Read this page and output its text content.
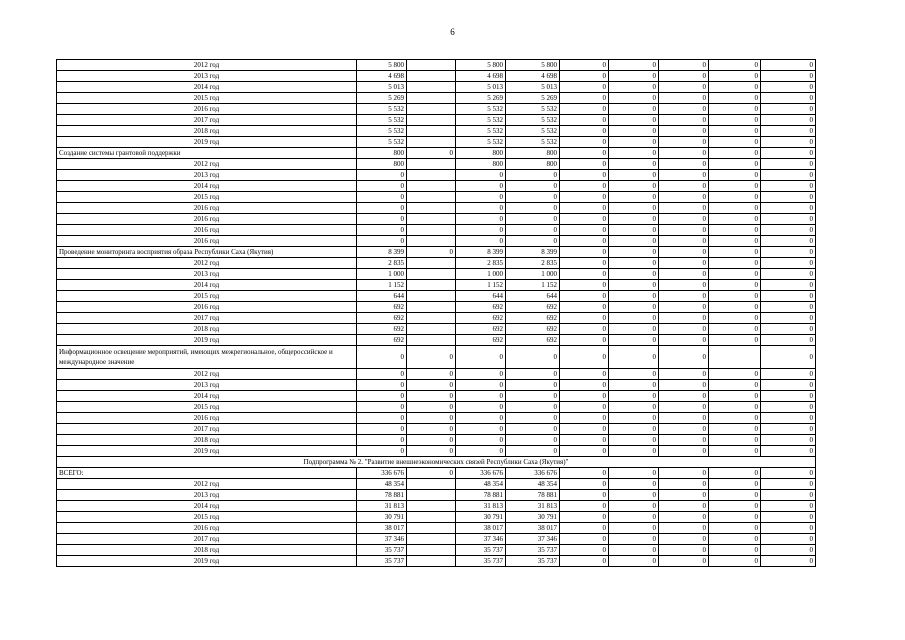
6
2012 год	5 800		5 800	5 800	0	0	0	0	0
2013 год	4 698		4 698	4 698	0	0	0	0	0
2014 год	5 013		5 013	5 013	0	0	0	0	0
2015 год	5 269		5 269	5 269	0	0	0	0	0
2016 год	5 532		5 532	5 532	0	0	0	0	0
2017 год	5 532		5 532	5 532	0	0	0	0	0
2018 год	5 532		5 532	5 532	0	0	0	0	0
2019 год	5 532		5 532	5 532	0	0	0	0	0
Создание системы грантовой поддержки	800	0	800	800	0	0	0	0	0
2012 год	800		800	800	0	0	0	0	0
2013 год	0		0	0	0	0	0	0	0
2014 год	0		0	0	0	0	0	0	0
2015 год	0		0	0	0	0	0	0	0
2016 год	0		0	0	0	0	0	0	0
2016 год	0		0	0	0	0	0	0	0
2016 год	0		0	0	0	0	0	0	0
2016 год	0		0	0	0	0	0	0	0
Проведение мониторинга восприятия образа Республики Саха (Якутия)	8 399	0	8 399	8 399	0	0	0	0	0
2012 год	2 835		2 835	2 835	0	0	0	0	0
2013 год	1 000		1 000	1 000	0	0	0	0	0
2014 год	1 152		1 152	1 152	0	0	0	0	0
2015 год	644		644	644	0	0	0	0	0
2016 год	692		692	692	0	0	0	0	0
2017 год	692		692	692	0	0	0	0	0
2018 год	692		692	692	0	0	0	0	0
2019 год	692		692	692	0	0	0	0	0
Информационное освещение мероприятий, имеющих межрегиональное, общероссийское и международное значение	0	0	0	0	0	0	0		0
2012 год	0	0	0	0	0	0	0	0	0
2013 год	0	0	0	0	0	0	0	0	0
2014 год	0	0	0	0	0	0	0	0	0
2015 год	0	0	0	0	0	0	0	0	0
2016 год	0	0	0	0	0	0	0	0	0
2017 год	0	0	0	0	0	0	0	0	0
2018 год	0	0	0	0	0	0	0	0	0
2019 год	0	0	0	0	0	0	0	0	0
Подпрограмма № 2. "Развитие внешнеэкономических связей Республики Саха (Якутия)"									
ВСЕГО:	336 676	0	336 676	336 676	0	0	0	0	0
2012 год	48 354		48 354	48 354	0	0	0	0	0
2013 год	78 881		78 881	78 881	0	0	0	0	0
2014 год	31 813		31 813	31 813	0	0	0	0	0
2015 год	30 791		30 791	30 791	0	0	0	0	0
2016 год	38 017		38 017	38 017	0	0	0	0	0
2017 год	37 346		37 346	37 346	0	0	0	0	0
2018 год	35 737		35 737	35 737	0	0	0	0	0
2019 год	35 737		35 737	35 737	0	0	0	0	0
